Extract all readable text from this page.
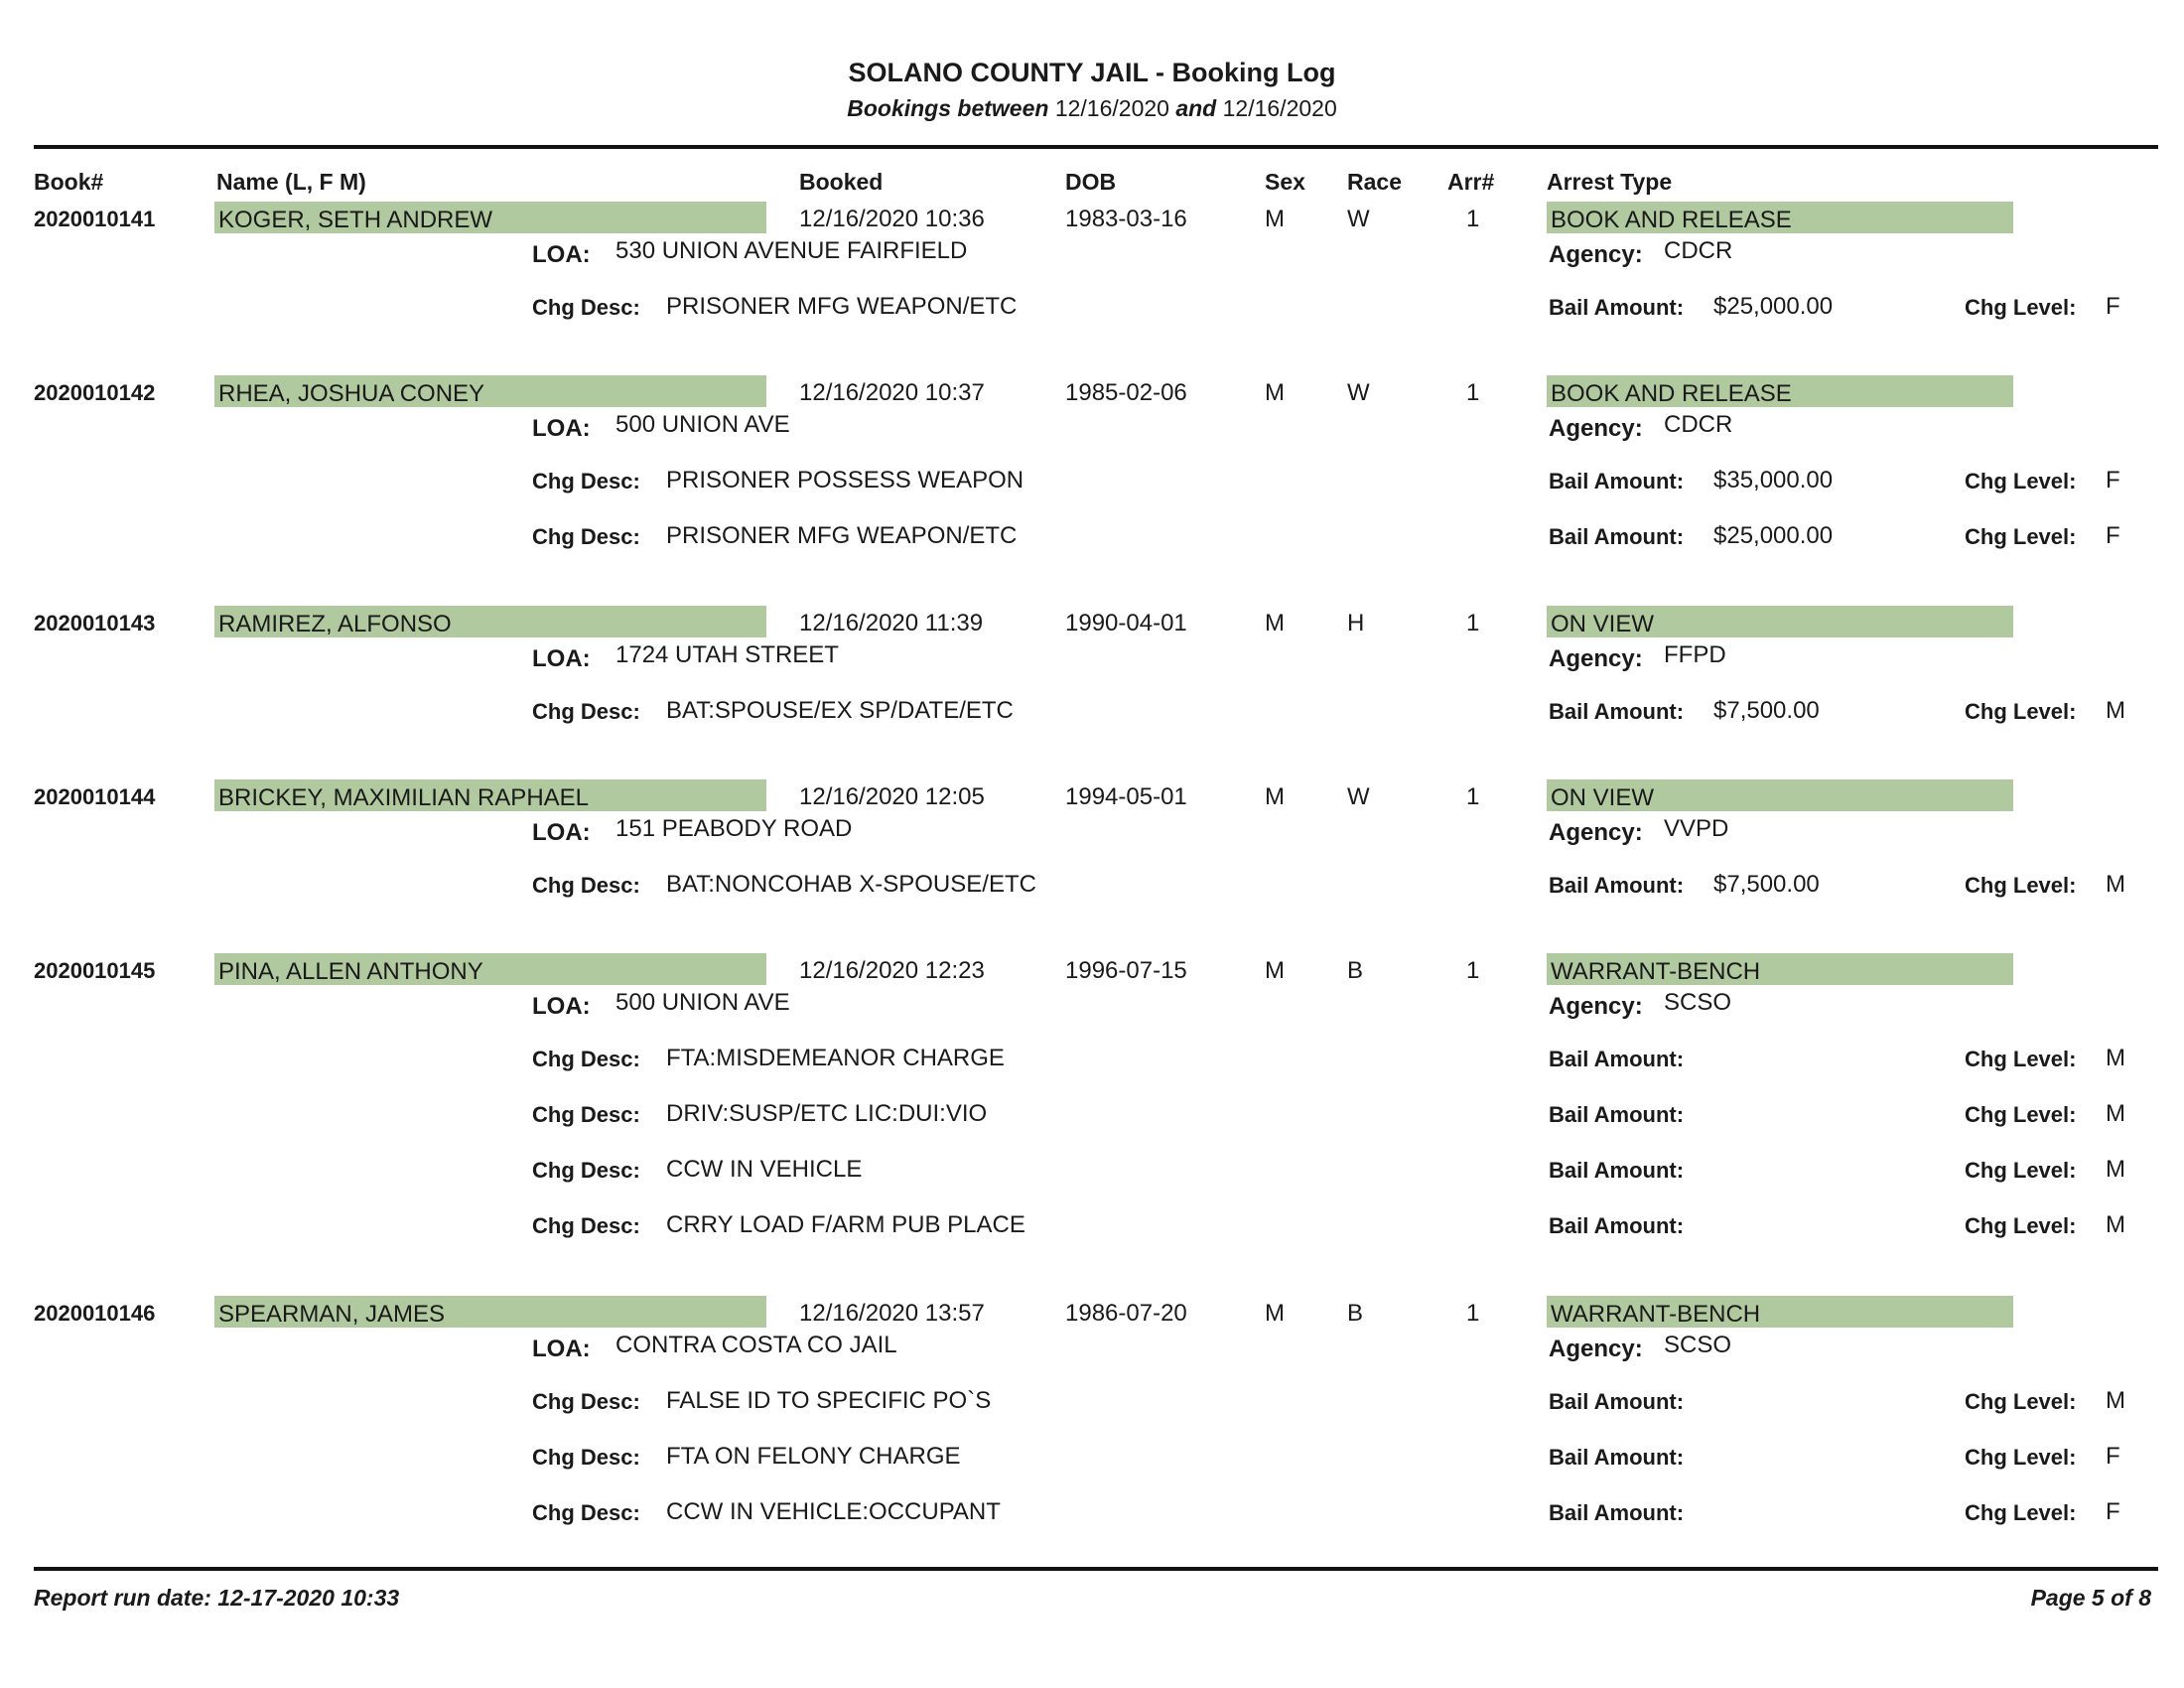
SOLANO COUNTY JAIL - Booking Log
Bookings between 12/16/2020 and 12/16/2020
Book#	Name (L, F M)	Booked	DOB	Sex Race Arr# Arrest Type
2020010141	KOGER, SETH ANDREW	12/16/2020 10:36	1983-03-16	M	W	1	BOOK AND RELEASE
LOA: 530 UNION AVENUE FAIRFIELD	Agency: CDCR
Chg Desc: PRISONER MFG WEAPON/ETC	Bail Amount: $25,000.00	Chg Level: F
2020010142	RHEA, JOSHUA CONEY	12/16/2020 10:37	1985-02-06	M	W	1	BOOK AND RELEASE
LOA: 500 UNION AVE	Agency: CDCR
Chg Desc: PRISONER POSSESS WEAPON	Bail Amount: $35,000.00	Chg Level: F
Chg Desc: PRISONER MFG WEAPON/ETC	Bail Amount: $25,000.00	Chg Level: F
2020010143	RAMIREZ, ALFONSO	12/16/2020 11:39	1990-04-01	M	H	1	ON VIEW
LOA: 1724 UTAH STREET	Agency: FFPD
Chg Desc: BAT:SPOUSE/EX SP/DATE/ETC	Bail Amount: $7,500.00	Chg Level: M
2020010144	BRICKEY, MAXIMILIAN RAPHAEL	12/16/2020 12:05	1994-05-01	M	W	1	ON VIEW
LOA: 151 PEABODY ROAD	Agency: VVPD
Chg Desc: BAT:NONCOHAB X-SPOUSE/ETC	Bail Amount: $7,500.00	Chg Level: M
2020010145	PINA, ALLEN ANTHONY	12/16/2020 12:23	1996-07-15	M	B	1	WARRANT-BENCH
LOA: 500 UNION AVE	Agency: SCSO
Chg Desc: FTA:MISDEMEANOR CHARGE	Bail Amount:	Chg Level: M
Chg Desc: DRIV:SUSP/ETC LIC:DUI:VIO	Bail Amount:	Chg Level: M
Chg Desc: CCW IN VEHICLE	Bail Amount:	Chg Level: M
Chg Desc: CRRY LOAD F/ARM PUB PLACE	Bail Amount:	Chg Level: M
2020010146	SPEARMAN, JAMES	12/16/2020 13:57	1986-07-20	M	B	1	WARRANT-BENCH
LOA: CONTRA COSTA CO JAIL	Agency: SCSO
Chg Desc: FALSE ID TO SPECIFIC PO`S	Bail Amount:	Chg Level: M
Chg Desc: FTA ON FELONY CHARGE	Bail Amount:	Chg Level: F
Chg Desc: CCW IN VEHICLE:OCCUPANT	Bail Amount:	Chg Level: F
Report run date: 12-17-2020 10:33	Page 5 of 8
